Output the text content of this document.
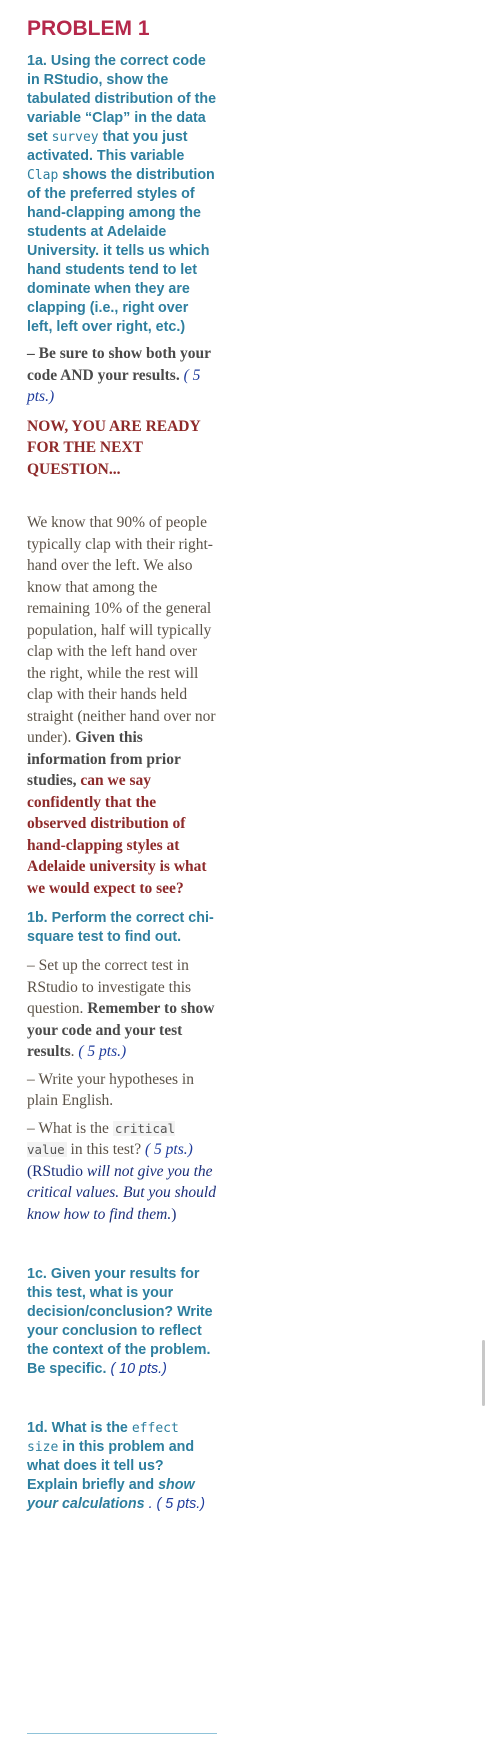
PROBLEM 1

1a. Using the correct code in RStudio, show the tabulated distribution of the variable “Clap” in the data set survey that you just activated. This variable Clap shows the distribution of the preferred styles of hand-clapping among the students at Adelaide University. it tells us which hand students tend to let dominate when they are clapping (i.e., right over left, left over right, etc.)

– Be sure to show both your code AND your results. ( 5 pts.)

NOW, YOU ARE READY FOR THE NEXT QUESTION...

We know that 90% of people typically clap with their right-hand over the left. We also know that among the remaining 10% of the general population, half will typically clap with the left hand over the right, while the rest will clap with their hands held straight (neither hand over nor under). Given this information from prior studies, can we say confidently that the observed distribution of hand-clapping styles at Adelaide university is what we would expect to see?

1b. Perform the correct chi-square test to find out.

– Set up the correct test in RStudio to investigate this question. Remember to show your code and your test results. ( 5 pts.)

– Write your hypotheses in plain English.

– What is the critical value in this test? ( 5 pts.) (RStudio will not give you the critical values. But you should know how to find them.)

1c. Given your results for this test, what is your decision/conclusion? Write your conclusion to reflect the context of the problem. Be specific. ( 10 pts.)

1d. What is the effect size in this problem and what does it tell us? Explain briefly and show your calculations . ( 5 pts.)
